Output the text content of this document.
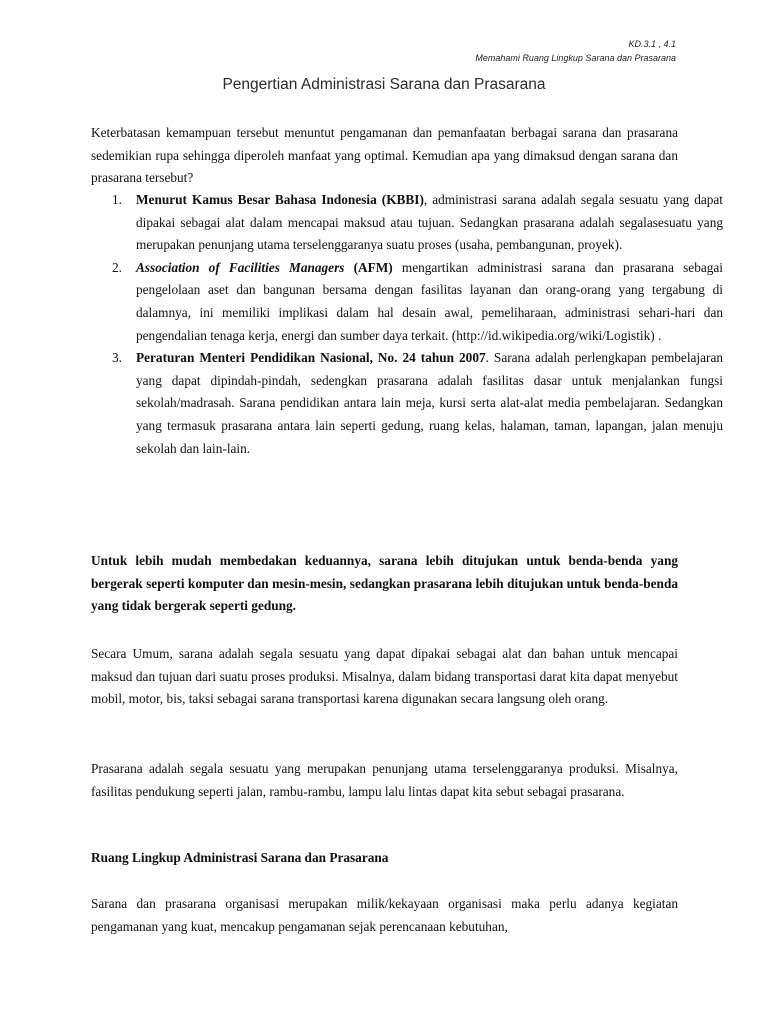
KD.3.1 , 4.1
Memahami Ruang Lingkup Sarana dan Prasarana
Pengertian Administrasi Sarana dan Prasarana

Keterbatasan kemampuan tersebut menuntut pengamanan dan pemanfaatan berbagai sarana dan prasarana sedemikian rupa sehingga diperoleh manfaat yang optimal. Kemudian apa yang dimaksud dengan sarana dan prasarana tersebut?

1. Menurut Kamus Besar Bahasa Indonesia (KBBI), administrasi sarana adalah segala sesuatu yang dapat dipakai sebagai alat dalam mencapai maksud atau tujuan. Sedangkan prasarana adalah segalasesuatu yang merupakan penunjang utama terselenggaranya suatu proses (usaha, pembangunan, proyek).
2. Association of Facilities Managers (AFM) mengartikan administrasi sarana dan prasarana sebagai pengelolaan aset dan bangunan bersama dengan fasilitas layanan dan orang-orang yang tergabung di dalamnya, ini memiliki implikasi dalam hal desain awal, pemeliharaan, administrasi sehari-hari dan pengendalian tenaga kerja, energi dan sumber daya terkait. (http://id.wikipedia.org/wiki/Logistik) .
3. Peraturan Menteri Pendidikan Nasional, No. 24 tahun 2007. Sarana adalah perlengkapan pembelajaran yang dapat dipindah-pindah, sedengkan prasarana adalah fasilitas dasar untuk menjalankan fungsi sekolah/madrasah. Sarana pendidikan antara lain meja, kursi serta alat-alat media pembelajaran. Sedangkan yang termasuk prasarana antara lain seperti gedung, ruang kelas, halaman, taman, lapangan, jalan menuju sekolah dan lain-lain.

Untuk lebih mudah membedakan keduannya, sarana lebih ditujukan untuk benda-benda yang bergerak seperti komputer dan mesin-mesin, sedangkan prasarana lebih ditujukan untuk benda-benda yang tidak bergerak seperti gedung.

Secara Umum, sarana adalah segala sesuatu yang dapat dipakai sebagai alat dan bahan untuk mencapai maksud dan tujuan dari suatu proses produksi. Misalnya, dalam bidang transportasi darat kita dapat menyebut mobil, motor, bis, taksi sebagai sarana transportasi karena digunakan secara langsung oleh orang.

Prasarana adalah segala sesuatu yang merupakan penunjang utama terselenggaranya produksi. Misalnya, fasilitas pendukung seperti jalan, rambu-rambu, lampu lalu lintas dapat kita sebut sebagai prasarana.

Ruang Lingkup Administrasi Sarana dan Prasarana

Sarana dan prasarana organisasi merupakan milik/kekayaan organisasi maka perlu adanya kegiatan pengamanan yang kuat, mencakup pengamanan sejak perencanaan kebutuhan,
